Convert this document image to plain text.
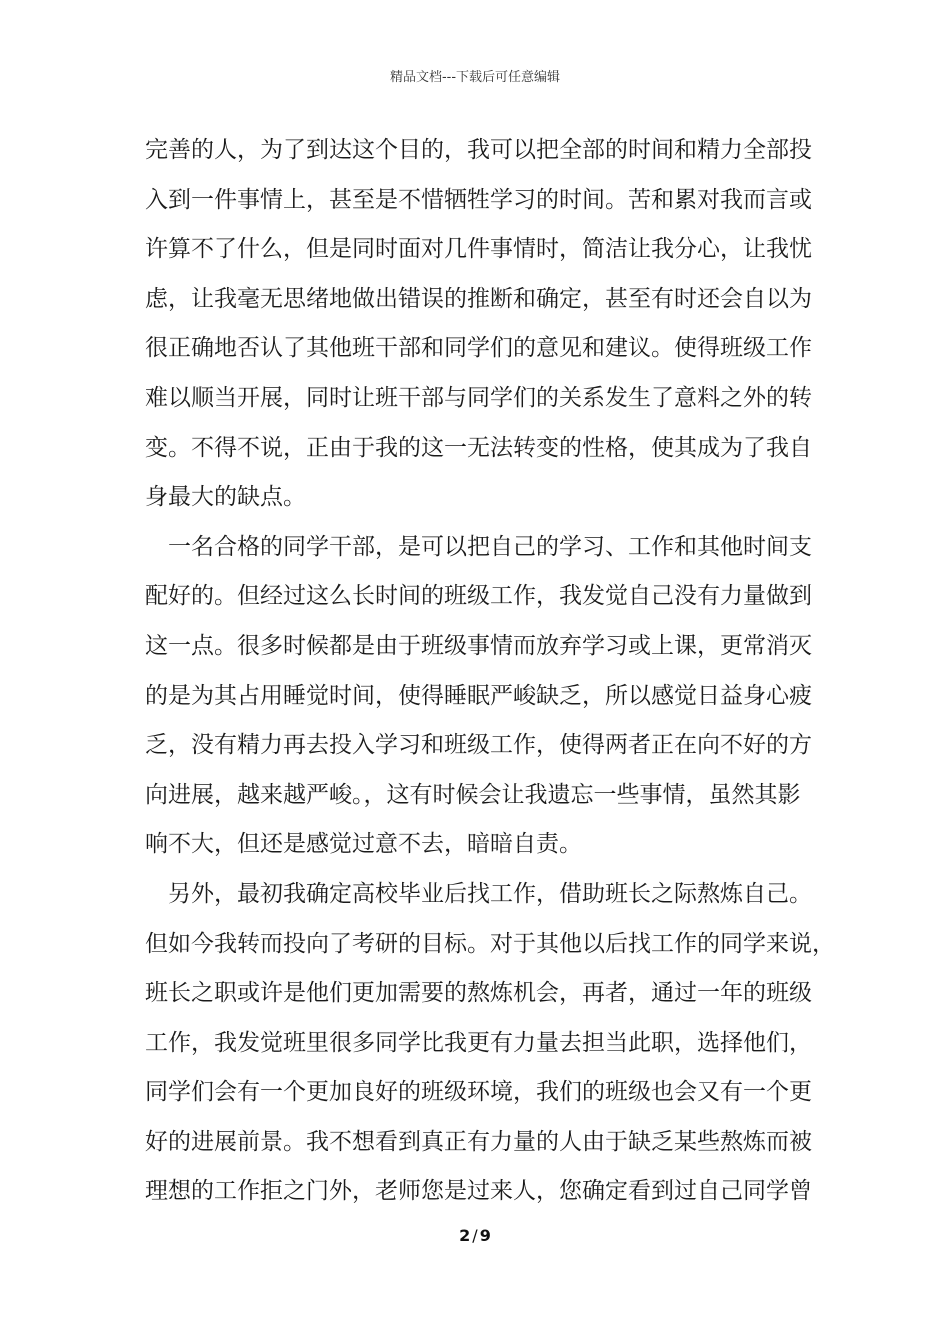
精品文档---下载后可任意编辑
完善的人，为了到达这个目的，我可以把全部的时间和精力全部投
入到一件事情上，甚至是不惜牺牲学习的时间。苦和累对我而言或
许算不了什么，但是同时面对几件事情时，简洁让我分心，让我忧
虑，让我毫无思绪地做出错误的推断和确定，甚至有时还会自以为
很正确地否认了其他班干部和同学们的意见和建议。使得班级工作
难以顺当开展，同时让班干部与同学们的关系发生了意料之外的转
变。不得不说，正由于我的这一无法转变的性格，使其成为了我自
身最大的缺点。
一名合格的同学干部，是可以把自己的学习、工作和其他时间支
配好的。但经过这么长时间的班级工作，我发觉自己没有力量做到
这一点。很多时候都是由于班级事情而放弃学习或上课，更常消灭
的是为其占用睡觉时间，使得睡眠严峻缺乏，所以感觉日益身心疲
乏，没有精力再去投入学习和班级工作，使得两者正在向不好的方
向进展，越来越严峻。，这有时候会让我遗忘一些事情，虽然其影
响不大，但还是感觉过意不去，暗暗自责。
另外，最初我确定高校毕业后找工作，借助班长之际熬炼自己。
但如今我转而投向了考研的目标。对于其他以后找工作的同学来说，
班长之职或许是他们更加需要的熬炼机会，再者，通过一年的班级
工作，我发觉班里很多同学比我更有力量去担当此职，选择他们，
同学们会有一个更加良好的班级环境，我们的班级也会又有一个更
好的进展前景。我不想看到真正有力量的人由于缺乏某些熬炼而被
理想的工作拒之门外，老师您是过来人，您确定看到过自己同学曾
2 / 9
